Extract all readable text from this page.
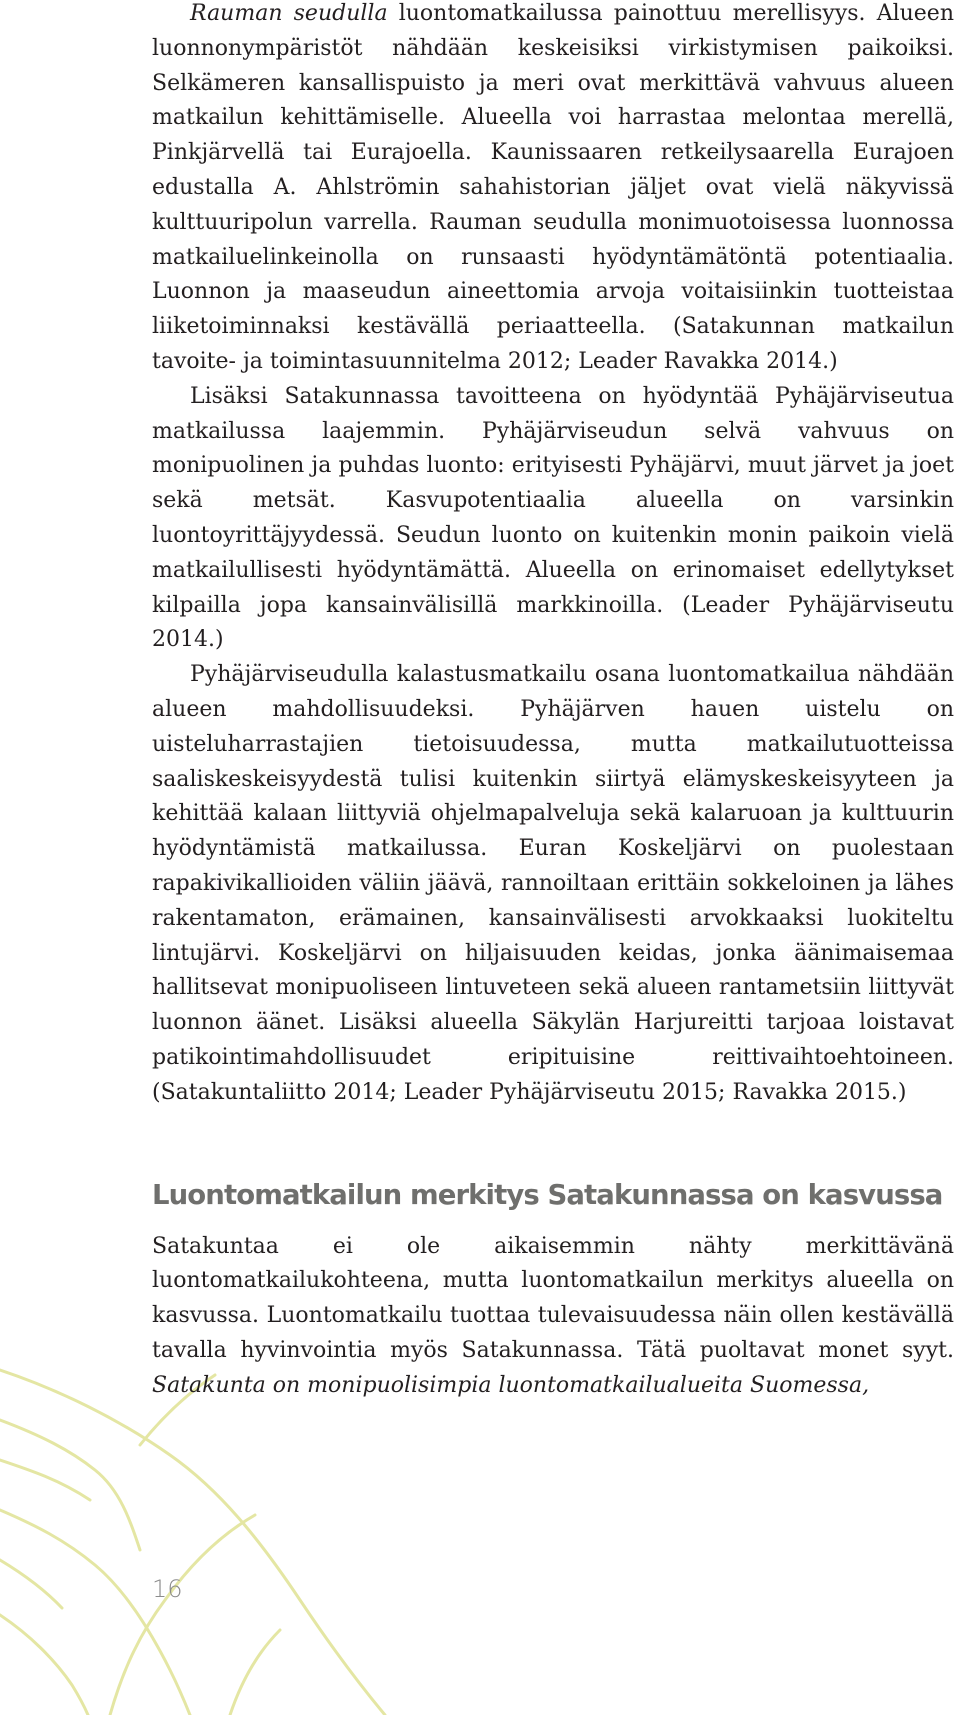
Rauman seudulla luontomatkailussa painottuu merellisyys. Alueen luonnonympäristöt nähdään keskeisiksi virkistymisen paikoiksi. Selkämeren kansallispuisto ja meri ovat merkittävä vahvuus alueen matkailun kehittämiselle. Alueella voi harrastaa melontaa merellä, Pinkjärvellä tai Eurajoella. Kaunissaaren retkeilysaarella Eurajoen edustalla A. Ahlströmin sahahistorian jäljet ovat vielä näkyvissä kulttuuripolun varrella. Rauman seudulla monimuotoisessa luonnossa matkailuelinkeinolla on runsaasti hyödyntämätöntä potentiaalia. Luonnon ja maaseudun aineettomia arvoja voitaisiinkin tuotteistaa liiketoiminnaksi kestävällä periaatteella. (Satakunnan matkailun tavoite- ja toimintasuunnitelma 2012; Leader Ravakka 2014.)

Lisäksi Satakunnassa tavoitteena on hyödyntää Pyhäjärviseutua matkailussa laajemmin. Pyhäjärviseudun selvä vahvuus on monipuolinen ja puhdas luonto: erityisesti Pyhäjärvi, muut järvet ja joet sekä metsät. Kasvupotentiaalia alueella on varsinkin luontoyrittäjyydessä. Seudun luonto on kuitenkin monin paikoin vielä matkailullisesti hyödyntämättä. Alueella on erinomaiset edellytykset kilpailla jopa kansainvälisillä markkinoilla. (Leader Pyhäjärviseutu 2014.)

Pyhäjärviseudulla kalastusmatkailu osana luontomatkailua nähdään alueen mahdollisuudeksi. Pyhäjärven hauen uistelu on uisteluharrastajien tietoisuudessa, mutta matkailutuotteissa saaliskeskeisyydestä tulisi kuitenkin siirtyä elämyskeskeisyyteen ja kehittää kalaan liittyviä ohjelmapalveluja sekä kalaruoan ja kulttuurin hyödyntämistä matkailussa. Euran Koskeljärvi on puolestaan rapakivikallioiden väliin jäävä, rannoiltaan erittäin sokkeloinen ja lähes rakentamaton, erämainen, kansainvälisesti arvokkaaksi luokiteltu lintujärvi. Koskeljärvi on hiljaisuuden keidas, jonka äänimaisemaa hallitsevat monipuoliseen lintuveteen sekä alueen rantametsiin liittyvät luonnon äänet. Lisäksi alueella Säkylän Harjureitti tarjoaa loistavat patikointimahdollisuudet eripituisine reittivaihtoehtoineen. (Satakuntaliitto 2014; Leader Pyhäjärviseutu 2015; Ravakka 2015.)

Luontomatkailun merkitys Satakunnassa on kasvussa

Satakuntaa ei ole aikaisemmin nähty merkittävänä luontomatkailukohteena, mutta luontomatkailun merkitys alueella on kasvussa. Luontomatkailu tuottaa tulevaisuudessa näin ollen kestävällä tavalla hyvinvointia myös Satakunnassa. Tätä puoltavat monet syyt. Satakunta on monipuolisimpia luontomatkailualueita Suomessa,

16
